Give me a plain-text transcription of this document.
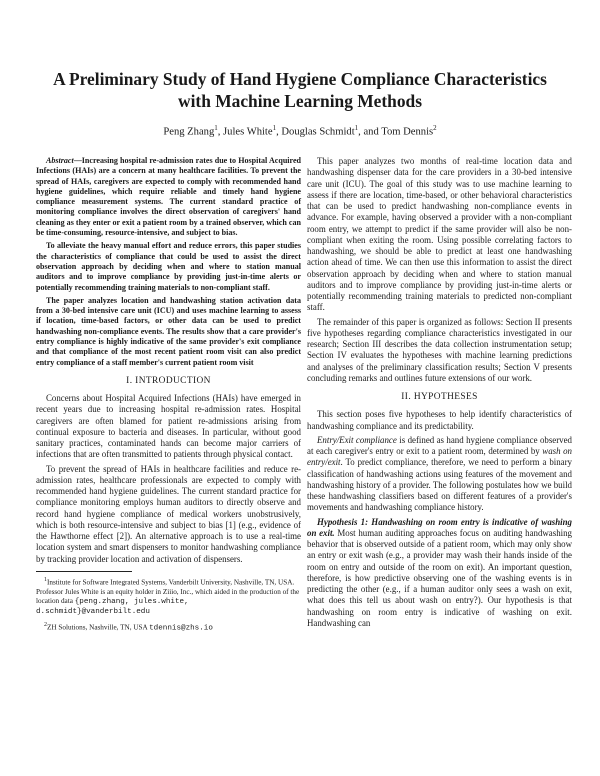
A Preliminary Study of Hand Hygiene Compliance Characteristics with Machine Learning Methods
Peng Zhang$^1$, Jules White$^1$, Douglas Schmidt$^1$, and Tom Dennis$^2$

Abstract—Increasing hospital re-admission rates due to Hospital Acquired Infections (HAIs) are a concern at many healthcare facilities. To prevent the spread of HAIs, caregivers are expected to comply with recommended hand hygiene guidelines, which require reliable and timely hand hygiene compliance measurement systems. The current standard practice of monitoring compliance involves the direct observation of caregivers' hand cleaning as they enter or exit a patient room by a trained observer, which can be time-consuming, resource-intensive, and subject to bias.

To alleviate the heavy manual effort and reduce errors, this paper studies the characteristics of compliance that could be used to assist the direct observation approach by deciding when and where to station manual auditors and to improve compliance by providing just-in-time alerts or potentially recommending training materials to non-compliant staff.

The paper analyzes location and handwashing station activation data from a 30-bed intensive care unit (ICU) and uses machine learning to assess if location, time-based factors, or other data can be used to predict handwashing non-compliance events. The results show that a care provider's entry compliance is highly indicative of the same provider's exit compliance and that compliance of the most recent patient room visit can also predict entry compliance of a staff member's current patient room visit

I. INTRODUCTION

Concerns about Hospital Acquired Infections (HAIs) have emerged in recent years due to increasing hospital re-admission rates. Hospital caregivers are often blamed for patient re-admissions arising from continual exposure to bacteria and diseases. In particular, without good sanitary practices, contaminated hands can become major carriers of infections that are often transmitted to patients through physical contact.

To prevent the spread of HAIs in healthcare facilities and reduce re-admission rates, healthcare professionals are expected to comply with recommended hand hygiene guidelines. The current standard practice for compliance monitoring employs human auditors to directly observe and record hand hygiene compliance of medical workers unobstrusively, which is both resource-intensive and subject to bias [1] (e.g., evidence of the Hawthorne effect [2]). An alternative approach is to use a real-time location system and smart dispensers to monitor handwashing compliance by tracking provider location and activation of dispensers.

$^1$Institute for Software Integrated Systems, Vanderbilt University, Nashville, TN, USA. Professor Jules White is an equity holder in Ziiio, Inc., which aided in the production of the location data {peng.zhang, jules.white, d.schmidt}@vanderbilt.edu

$^2$ZH Solutions, Nashville, TN, USA tdennis@zhs.io

This paper analyzes two months of real-time location data and handwashing dispenser data for the care providers in a 30-bed intensive care unit (ICU). The goal of this study was to use machine learning to assess if there are location, time-based, or other behavioral characteristics that can be used to predict handwashing non-compliance events in advance. For example, having observed a provider with a non-compliant room entry, we attempt to predict if the same provider will also be non-compliant when exiting the room. Using possible correlating factors to handwashing, we should be able to predict at least one handwashing action ahead of time. We can then use this information to assist the direct observation approach by deciding when and where to station manual auditors and to improve compliance by providing just-in-time alerts or potentially recommending training materials to predicted non-compliant staff.

The remainder of this paper is organized as follows: Section II presents five hypotheses regarding compliance characteristics investigated in our research; Section III describes the data collection instrumentation setup; Section IV evaluates the hypotheses with machine learning predictions and analyses of the preliminary classification results; Section V presents concluding remarks and outlines future extensions of our work.

II. HYPOTHESES

This section poses five hypotheses to help identify characteristics of handwashing compliance and its predictability.

Entry/Exit compliance is defined as hand hygiene compliance observed at each caregiver's entry or exit to a patient room, determined by wash on entry/exit. To predict compliance, therefore, we need to perform a binary classification of handwashing actions using features of the movement and handwashing history of a provider. The following postulates how we build these handwashing classifiers based on different features of a provider's movements and handwashing compliance history.

Hypothesis 1: Handwashing on room entry is indicative of washing on exit. Most human auditing approaches focus on auditing handwashing behavior that is observed outside of a patient room, which may only show an entry or exit wash (e.g., a provider may wash their hands inside of the room on entry and outside of the room on exit). An important question, therefore, is how predictive observing one of the washing events is in predicting the other (e.g., if a human auditor only sees a wash on exit, what does this tell us about wash on entry?). Our hypothesis is that handwashing on room entry is indicative of washing on exit. Handwashing can
